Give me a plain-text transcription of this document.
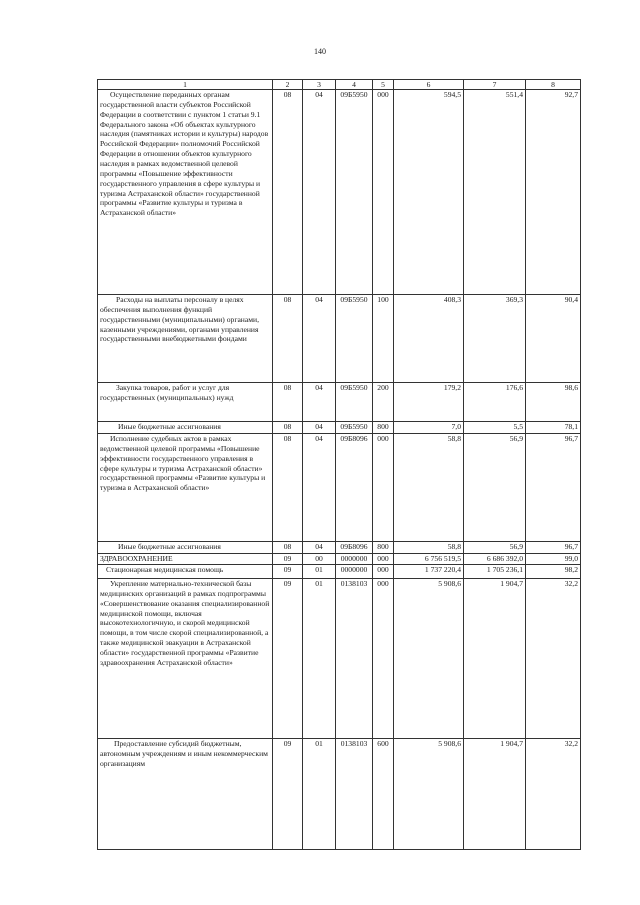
140
1	2	3	4	5	6	7	8
Осуществление переданных органам государственной власти субъектов Российской Федерации в соответствии с пунктом 1 статьи 9.1 Федерального закона «Об объектах культурного наследия (памятниках истории и культуры) народов Российской Федерации» полномочий Российской Федерации в отношении объектов культурного наследия в рамках ведомственной целевой программы «Повышение эффективности государственного управления в сфере культуры и туризма Астраханской области» государственной программы «Развитие культуры и туризма в Астраханской области»	08	04	09Б5950	000	594,5	551,4	92,7
Расходы на выплаты персоналу в целях обеспечения выполнения функций государственными (муниципальными) органами, казенными учреждениями, органами управления государственными внебюджетными фондами	08	04	09Б5950	100	408,3	369,3	90,4
Закупка товаров, работ и услуг для государственных (муниципальных) нужд	08	04	09Б5950	200	179,2	176,6	98,6
Иные бюджетные ассигнования	08	04	09Б5950	800	7,0	5,5	78,1
Исполнение судебных актов в рамках ведомственной целевой программы «Повышение эффективности государственного управления в сфере культуры и туризма Астраханской области» государственной программы «Развитие культуры и туризма в Астраханской области»	08	04	09Б8096	000	58,8	56,9	96,7
Иные бюджетные ассигнования	08	04	09Б8096	800	58,8	56,9	96,7
ЗДРАВООХРАНЕНИЕ	09	00	0000000	000	6 756 519,5	6 686 392,0	99,0
Стационарная медицинская помощь	09	01	0000000	000	1 737 220,4	1 705 236,1	98,2
Укрепление материально-технической базы медицинских организаций в рамках подпрограммы «Совершенствование оказания специализированной медицинской помощи, включая высокотехнологичную, и скорой медицинской помощи, в том числе скорой специализированной, а также медицинской эвакуации в Астраханской области» государственной программы «Развитие здравоохранения Астраханской области»	09	01	0138103	000	5 908,6	1 904,7	32,2
Предоставление субсидий бюджетным, автономным учреждениям и иным некоммерческим организациям	09	01	0138103	600	5 908,6	1 904,7	32,2
